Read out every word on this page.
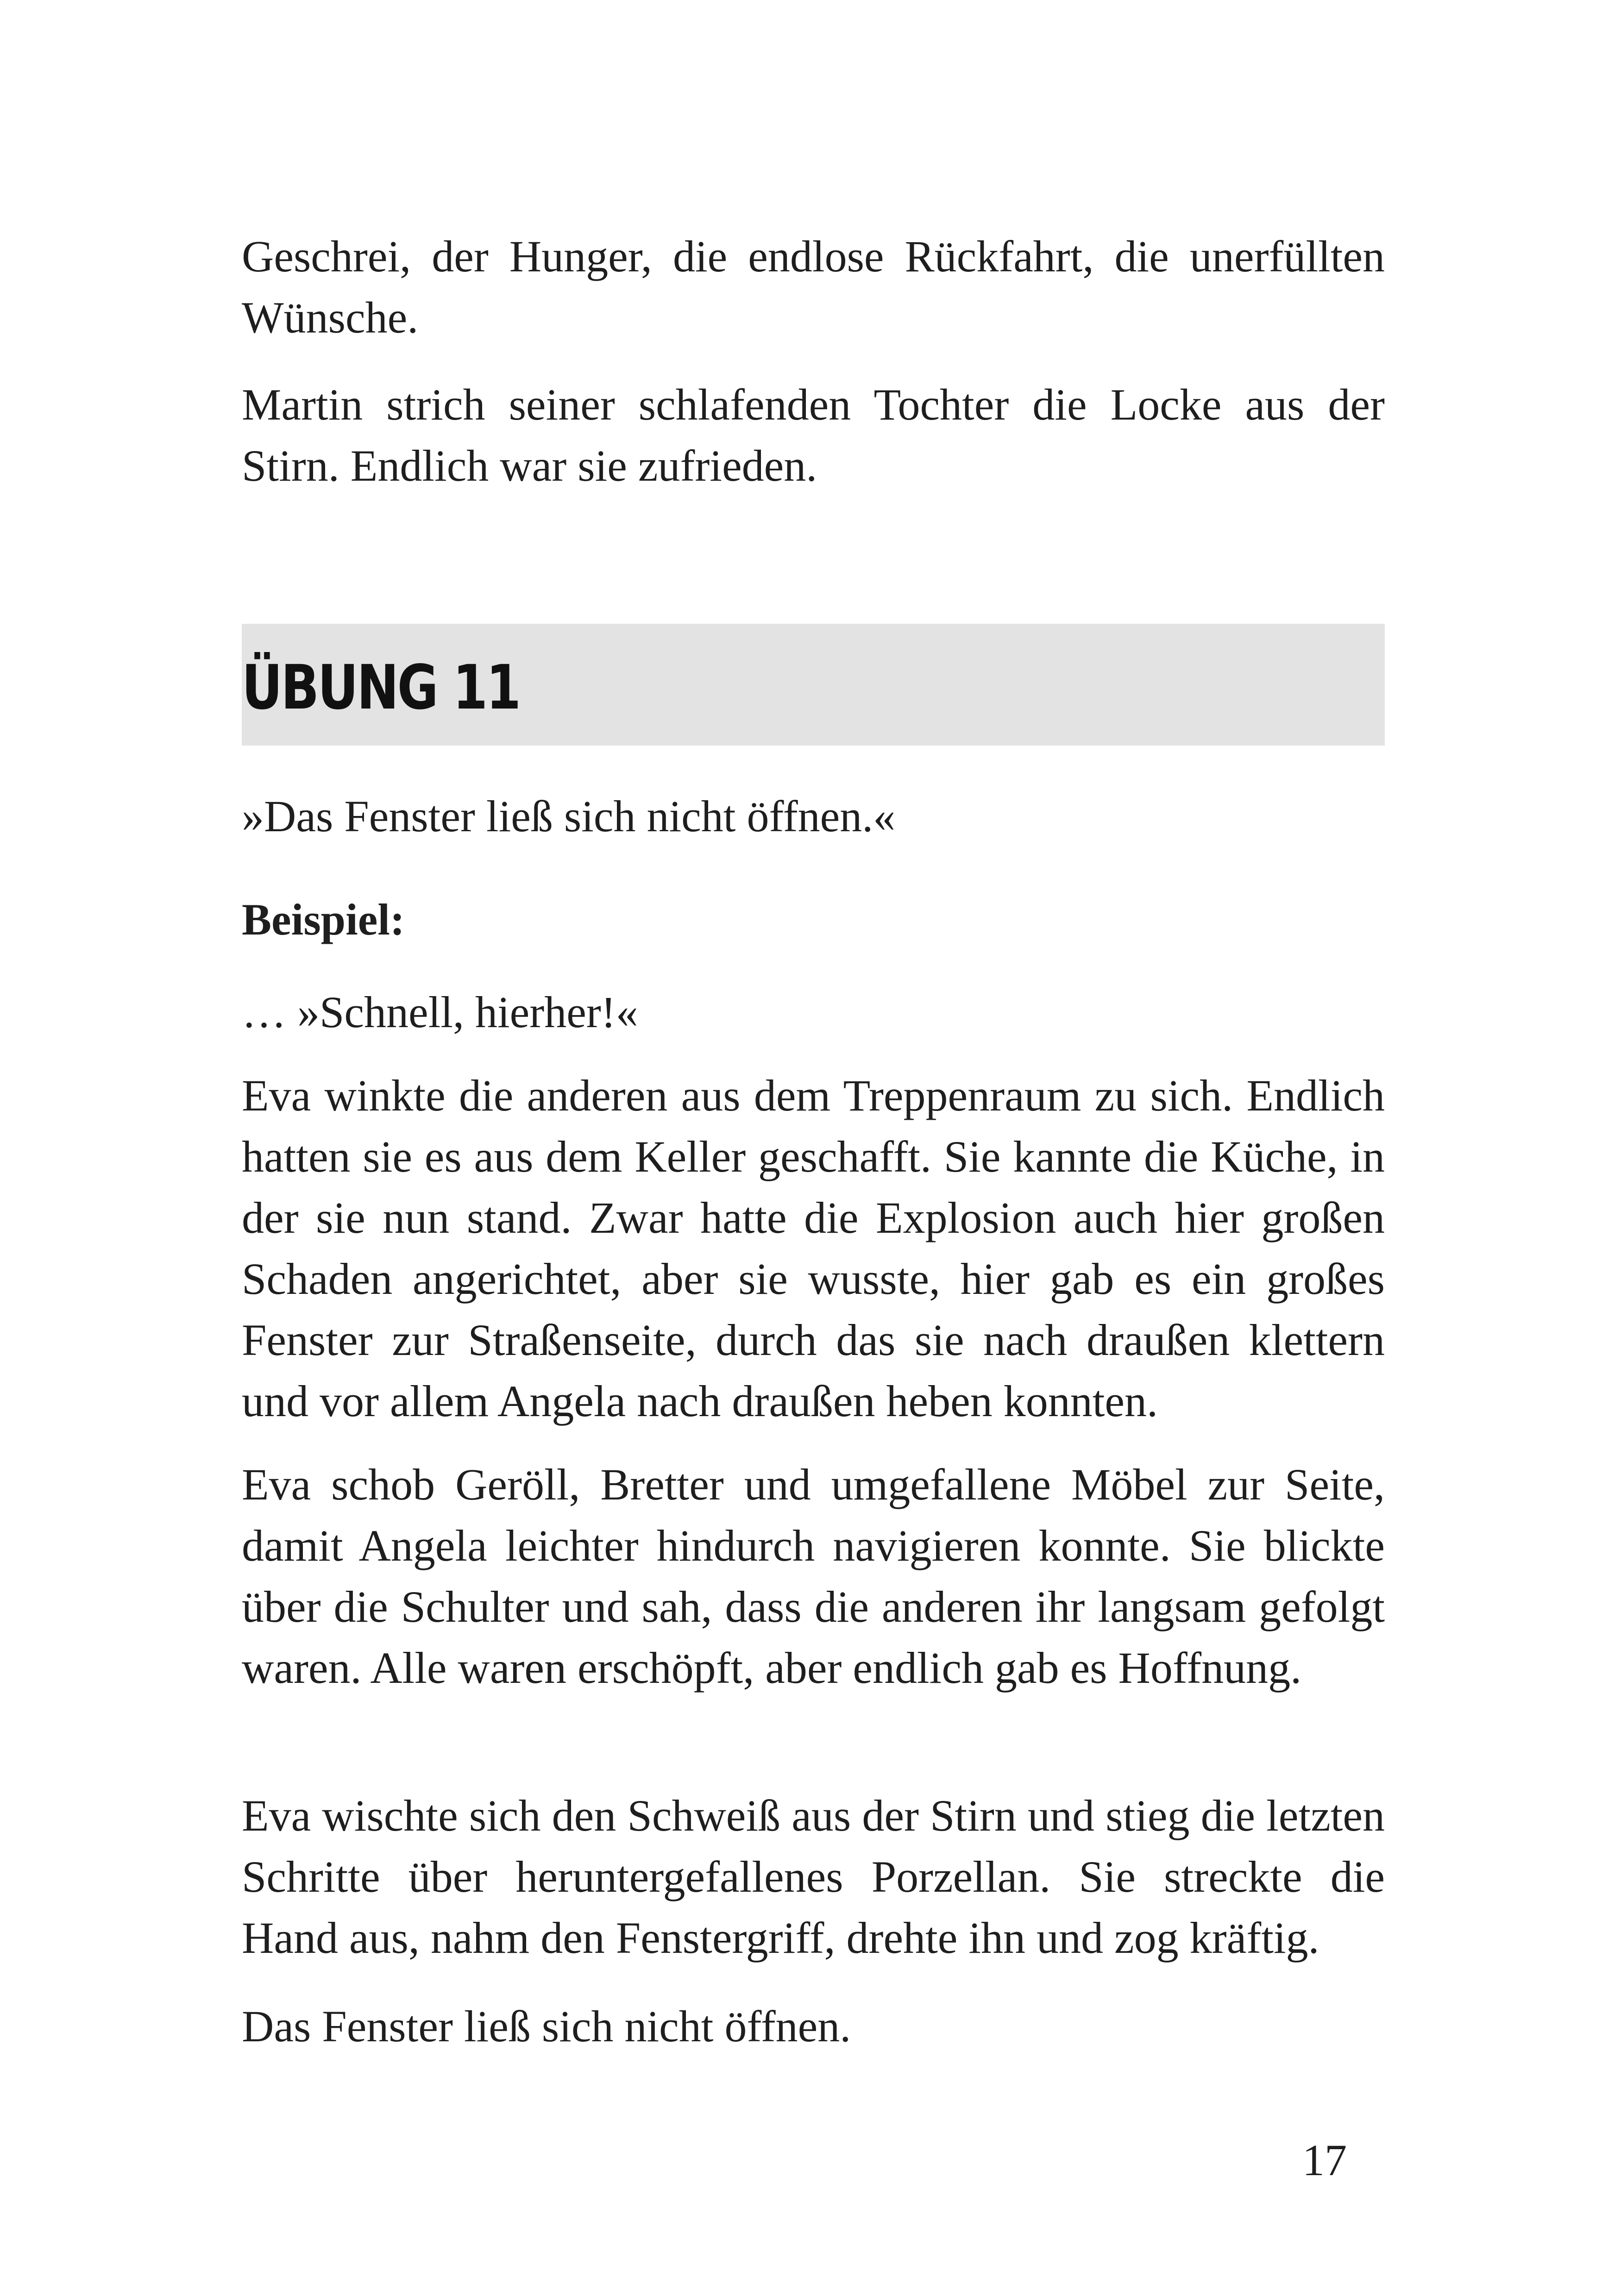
Geschrei, der Hunger, die endlose Rückfahrt, die unerfüllten Wünsche.

Martin strich seiner schlafenden Tochter die Locke aus der Stirn. Endlich war sie zufrieden.

ÜBUNG 11

»Das Fenster ließ sich nicht öffnen.«

Beispiel:

… »Schnell, hierher!«

Eva winkte die anderen aus dem Treppenraum zu sich. Endlich hatten sie es aus dem Keller geschafft. Sie kannte die Küche, in der sie nun stand. Zwar hatte die Explosion auch hier großen Schaden angerichtet, aber sie wusste, hier gab es ein großes Fenster zur Straßenseite, durch das sie nach draußen klettern und vor allem Angela nach draußen heben konnten.

Eva schob Geröll, Bretter und umgefallene Möbel zur Seite, damit Angela leichter hindurch navigieren konnte. Sie blickte über die Schulter und sah, dass die anderen ihr langsam gefolgt waren. Alle waren erschöpft, aber endlich gab es Hoffnung.

Eva wischte sich den Schweiß aus der Stirn und stieg die letzten Schritte über heruntergefallenes Porzellan. Sie streckte die Hand aus, nahm den Fenstergriff, drehte ihn und zog kräftig.

Das Fenster ließ sich nicht öffnen.

17
